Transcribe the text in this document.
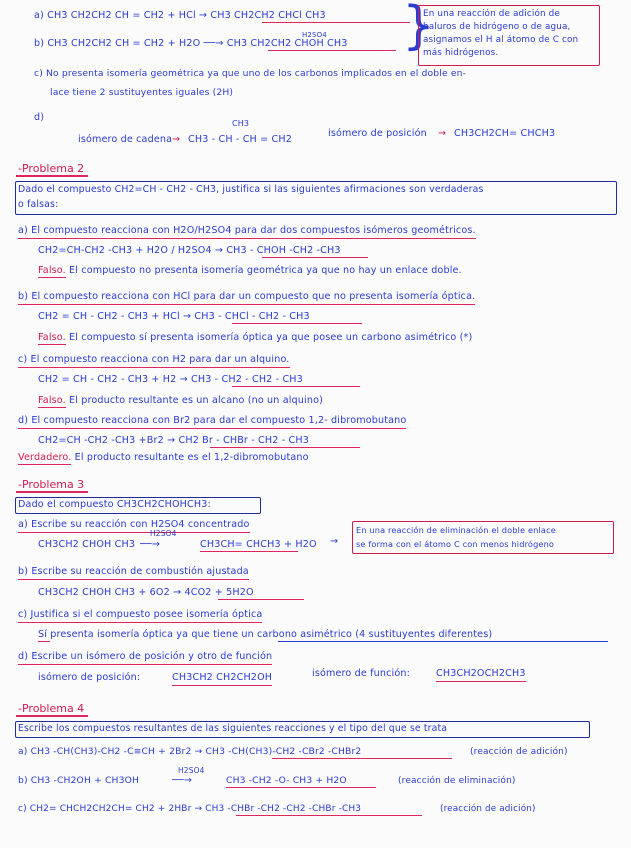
a) CH3 CH2CH2 CH = CH2 + HCl → CH3 CH2CH2 CHCl CH3
H2SO4
b) CH3 CH2CH2 CH = CH2 + H2O ──→ CH3 CH2CH2 CHOH CH3 }
En una reacción de adición de
haluros de hidrógeno o de agua,
asignamos el H al átomo de C con
más hidrógenos.
c) No presenta isomería geométrica ya que uno de los carbonos implicados en el doble en-
lace tiene 2 sustituyentes iguales (2H)
d)
CH3
isómero de cadena → CH3 - CH - CH = CH2
isómero de posición → CH3CH2CH= CHCH3
-Problema 2
Dado el compuesto CH2=CH - CH2 - CH3, justifica si las siguientes afirmaciones son verdaderas
o falsas:
a) El compuesto reacciona con H2O/H2SO4 para dar dos compuestos isómeros geométricos.
CH2=CH-CH2 -CH3 + H2O / H2SO4 → CH3 - CHOH -CH2 -CH3
Falso. El compuesto no presenta isomería geométrica ya que no hay un enlace doble.
b) El compuesto reacciona con HCl para dar un compuesto que no presenta isomería óptica.
CH2 = CH - CH2 - CH3 + HCl → CH3 - CHCl - CH2 - CH3
Falso. El compuesto sí presenta isomería óptica ya que posee un carbono asimétrico (*)
c) El compuesto reacciona con H2 para dar un alquino.
CH2 = CH - CH2 - CH3 + H2 → CH3 - CH2 - CH2 - CH3
Falso. El producto resultante es un alcano (no un alquino)
d) El compuesto reacciona con Br2 para dar el compuesto 1,2- dibromobutano
CH2=CH -CH2 -CH3 +Br2 → CH2 Br - CHBr - CH2 - CH3
Verdadero. El producto resultante es el 1,2-dibromobutano
-Problema 3
Dado el compuesto CH3CH2CHOHCH3:
a) Escribe su reacción con H2SO4 concentrado
CH3CH2 CHOH CH3
H2SO4
──→	CH3CH= CHCH3 + H2O →
En una reacción de eliminación el doble enlace
se forma con el átomo C con menos hidrógeno
b) Escribe su reacción de combustión ajustada
CH3CH2 CHOH CH3 + 6O2 → 4CO2 + 5H2O
c) Justifica si el compuesto posee isomería óptica
Sí presenta isomería óptica ya que tiene un carbono asimétrico (4 sustituyentes diferentes)
d) Escribe un isómero de posición y otro de función
isómero de posición:	CH3CH2 CH2CH2OH	isómero de función:	CH3CH2OCH2CH3
-Problema 4
Escribe los compuestos resultantes de las siguientes reacciones y el tipo del que se trata
a) CH3 -CH(CH3)-CH2 -C≡CH + 2Br2 → CH3 -CH(CH3)-CH2 -CBr2 -CHBr2	(reacción de adición)
H2SO4
b) CH3 -CH2OH + CH3OH	──→	CH3 -CH2 -O- CH3 + H2O	(reacción de eliminación)
c) CH2= CHCH2CH2CH= CH2 + 2HBr → CH3 -CHBr -CH2 -CH2 -CHBr -CH3	(reacción de adición)
